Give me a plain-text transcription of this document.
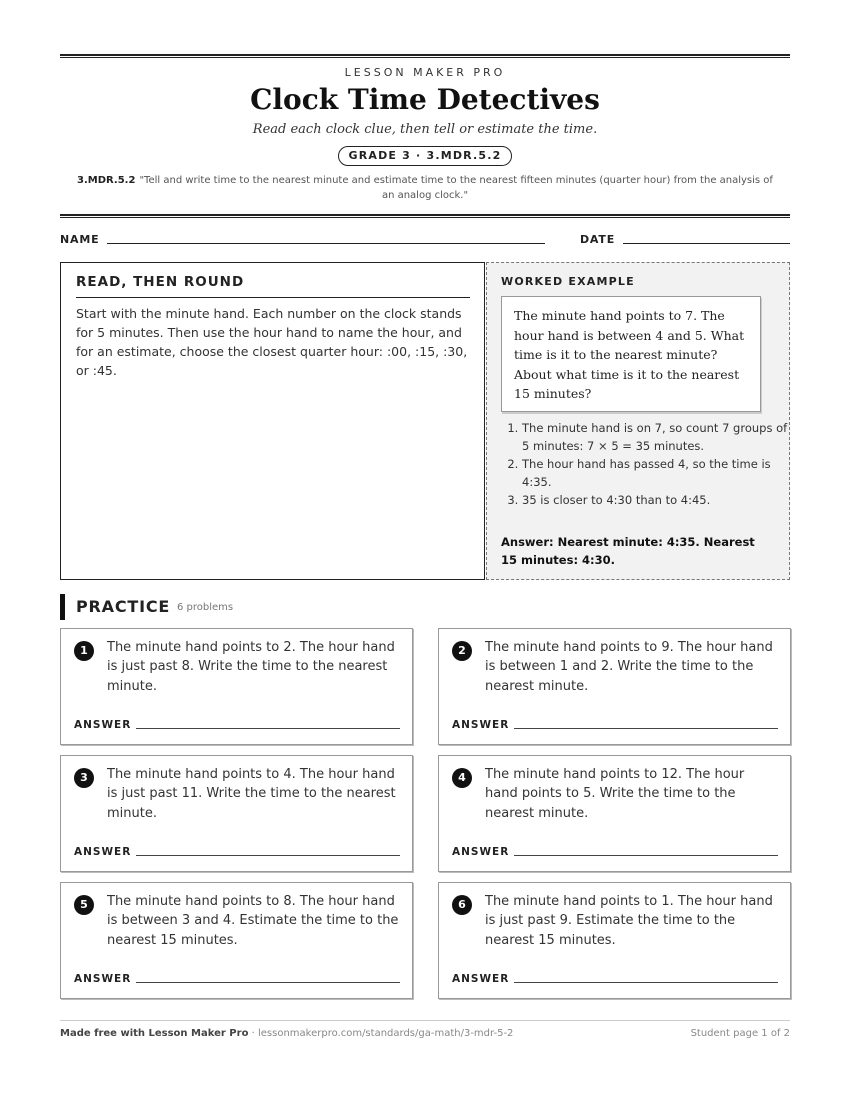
LESSON MAKER PRO
Clock Time Detectives
Read each clock clue, then tell or estimate the time.
GRADE 3 · 3.MDR.5.2
3.MDR.5.2 "Tell and write time to the nearest minute and estimate time to the nearest fifteen minutes (quarter hour) from the analysis of an analog clock."
NAME	DATE
READ, THEN ROUND
Start with the minute hand. Each number on the clock stands for 5 minutes. Then use the hour hand to name the hour, and for an estimate, choose the closest quarter hour: :00, :15, :30, or :45.
WORKED EXAMPLE
The minute hand points to 7. The hour hand is between 4 and 5. What time is it to the nearest minute? About what time is it to the nearest 15 minutes?
1. The minute hand is on 7, so count 7 groups of 5 minutes: 7 × 5 = 35 minutes.
2. The hour hand has passed 4, so the time is 4:35.
3. 35 is closer to 4:30 than to 4:45.
Answer: Nearest minute: 4:35. Nearest 15 minutes: 4:30.
PRACTICE 6 problems
1	The minute hand points to 2. The hour hand is just past 8. Write the time to the nearest minute.
ANSWER
2	The minute hand points to 9. The hour hand is between 1 and 2. Write the time to the nearest minute.
ANSWER
3	The minute hand points to 4. The hour hand is just past 11. Write the time to the nearest minute.
ANSWER
4	The minute hand points to 12. The hour hand points to 5. Write the time to the nearest minute.
ANSWER
5	The minute hand points to 8. The hour hand is between 3 and 4. Estimate the time to the nearest 15 minutes.
ANSWER
6	The minute hand points to 1. The hour hand is just past 9. Estimate the time to the nearest 15 minutes.
ANSWER
Made free with Lesson Maker Pro · lessonmakerpro.com/standards/ga-math/3-mdr-5-2	Student page 1 of 2
